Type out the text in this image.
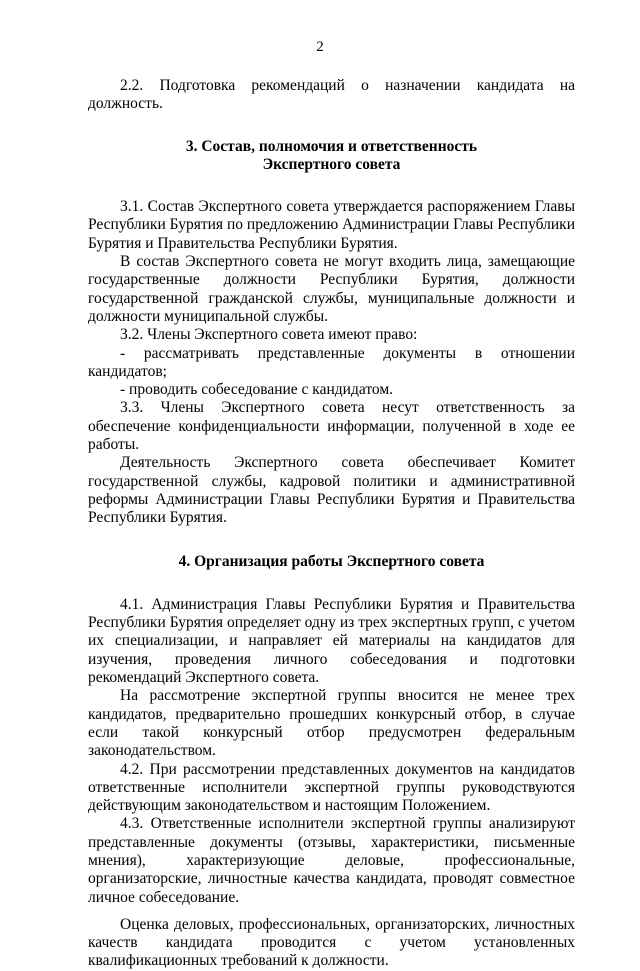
2

2.2. Подготовка рекомендаций о назначении кандидата на должность.

3. Состав, полномочия и ответственность
Экспертного совета

3.1. Состав Экспертного совета утверждается распоряжением Главы Республики Бурятия по предложению Администрации Главы Республики Бурятия и Правительства Республики Бурятия.

В состав Экспертного совета не могут входить лица, замещающие государственные должности Республики Бурятия, должности государственной гражданской службы, муниципальные должности и должности муниципальной службы.

3.2. Члены Экспертного совета имеют право:

- рассматривать представленные документы в отношении кандидатов;

- проводить собеседование с кандидатом.

3.3. Члены Экспертного совета несут ответственность за обеспечение конфиденциальности информации, полученной в ходе ее работы.

Деятельность Экспертного совета обеспечивает Комитет государственной службы, кадровой политики и административной реформы Администрации Главы Республики Бурятия и Правительства Республики Бурятия.

4. Организация работы Экспертного совета

4.1. Администрация Главы Республики Бурятия и Правительства Республики Бурятия определяет одну из трех экспертных групп, с учетом их специализации, и направляет ей материалы на кандидатов для изучения, проведения личного собеседования и подготовки рекомендаций Экспертного совета.

На рассмотрение экспертной группы вносится не менее трех кандидатов, предварительно прошедших конкурсный отбор, в случае если такой конкурсный отбор предусмотрен федеральным законодательством.

4.2. При рассмотрении представленных документов на кандидатов ответственные исполнители экспертной группы руководствуются действующим законодательством и настоящим Положением.

4.3. Ответственные исполнители экспертной группы анализируют представленные документы (отзывы, характеристики, письменные мнения), характеризующие деловые, профессиональные, организаторские, личностные качества кандидата, проводят совместное личное собеседование.

Оценка деловых, профессиональных, организаторских, личностных качеств кандидата проводится с учетом установленных квалификационных требований к должности.
